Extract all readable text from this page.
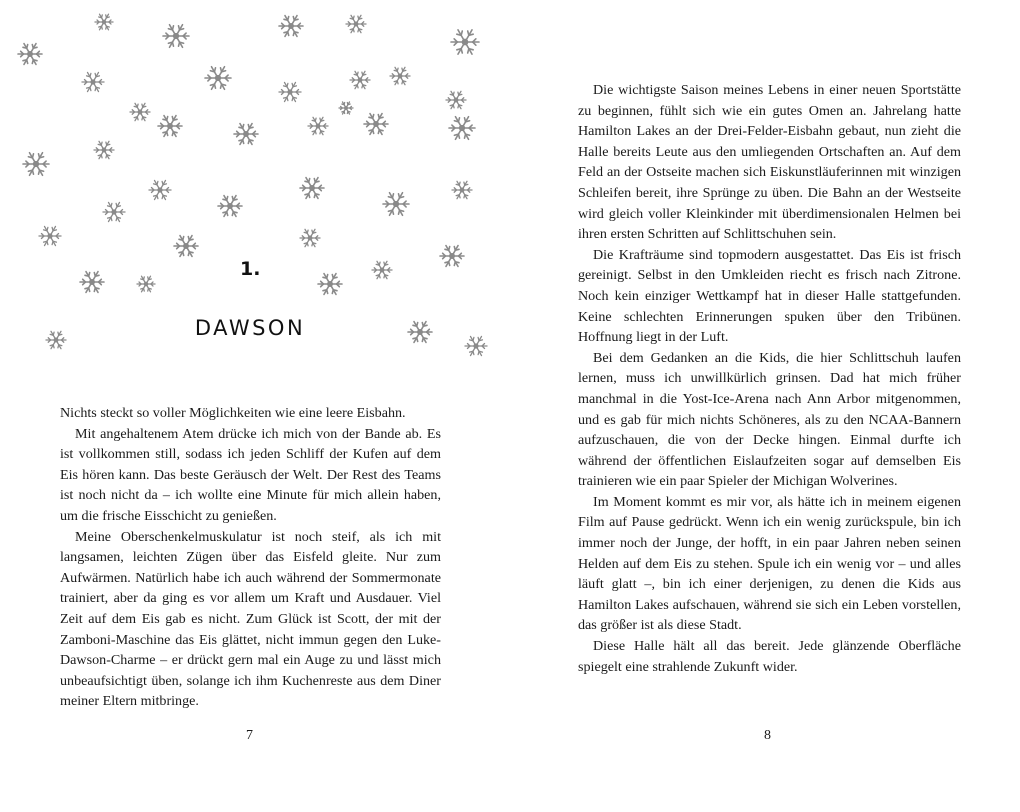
1.
DAWSON

Nichts steckt so voller Möglichkeiten wie eine leere Eisbahn.

Mit angehaltenem Atem drücke ich mich von der Bande ab. Es ist vollkommen still, sodass ich jeden Schliff der Kufen auf dem Eis hören kann. Das beste Geräusch der Welt. Der Rest des Teams ist noch nicht da – ich wollte eine Minute für mich allein haben, um die frische Eisschicht zu genießen.

Meine Oberschenkelmuskulatur ist noch steif, als ich mit langsamen, leichten Zügen über das Eisfeld gleite. Nur zum Aufwärmen. Natürlich habe ich auch während der Sommermonate trainiert, aber da ging es vor allem um Kraft und Ausdauer. Viel Zeit auf dem Eis gab es nicht. Zum Glück ist Scott, der mit der Zamboni-Maschine das Eis glättet, nicht immun gegen den Luke-Dawson-Charme – er drückt gern mal ein Auge zu und lässt mich unbeaufsichtigt üben, solange ich ihm Kuchenreste aus dem Diner meiner Eltern mitbringe.

7

Die wichtigste Saison meines Lebens in einer neuen Sportstätte zu beginnen, fühlt sich wie ein gutes Omen an. Jahrelang hatte Hamilton Lakes an der Drei-Felder-Eisbahn gebaut, nun zieht die Halle bereits Leute aus den umliegenden Ortschaften an. Auf dem Feld an der Ostseite machen sich Eiskunstläuferinnen mit winzigen Schleifen bereit, ihre Sprünge zu üben. Die Bahn an der Westseite wird gleich voller Kleinkinder mit überdimensionalen Helmen bei ihren ersten Schritten auf Schlittschuhen sein.

Die Krafträume sind topmodern ausgestattet. Das Eis ist frisch gereinigt. Selbst in den Umkleiden riecht es frisch nach Zitrone. Noch kein einziger Wettkampf hat in dieser Halle stattgefunden. Keine schlechten Erinnerungen spuken über den Tribünen. Hoffnung liegt in der Luft.

Bei dem Gedanken an die Kids, die hier Schlittschuh laufen lernen, muss ich unwillkürlich grinsen. Dad hat mich früher manchmal in die Yost-Ice-Arena nach Ann Arbor mitgenommen, und es gab für mich nichts Schöneres, als zu den NCAA-Bannern aufzuschauen, die von der Decke hingen. Einmal durfte ich während der öffentlichen Eislaufzeiten sogar auf demselben Eis trainieren wie ein paar Spieler der Michigan Wolverines.

Im Moment kommt es mir vor, als hätte ich in meinem eigenen Film auf Pause gedrückt. Wenn ich ein wenig zurückspule, bin ich immer noch der Junge, der hofft, in ein paar Jahren neben seinen Helden auf dem Eis zu stehen. Spule ich ein wenig vor – und alles läuft glatt –, bin ich einer derjenigen, zu denen die Kids aus Hamilton Lakes aufschauen, während sie sich ein Leben vorstellen, das größer ist als diese Stadt.

Diese Halle hält all das bereit. Jede glänzende Oberfläche spiegelt eine strahlende Zukunft wider.

8
